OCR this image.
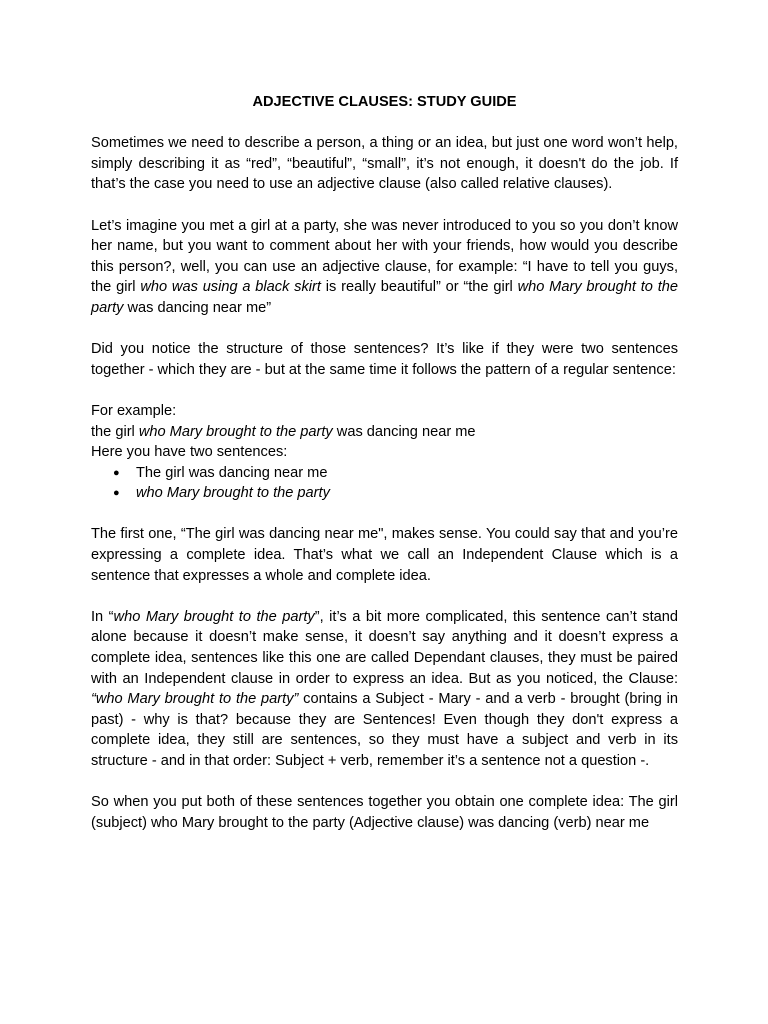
ADJECTIVE CLAUSES: STUDY GUIDE

Sometimes we need to describe a person, a thing or an idea, but just one word won’t help, simply describing it as “red”, “beautiful”, “small”, it’s not enough, it doesn't do the job. If that’s the case you need to use an adjective clause (also called relative clauses).

Let’s imagine you met a girl at a party, she was never introduced to you so you don’t know her name, but you want to comment about her with your friends, how would you describe this person?, well, you can use an adjective clause, for example: “I have to tell you guys, the girl who was using a black skirt is really beautiful” or “the girl who Mary brought to the party was dancing near me”

Did you notice the structure of those sentences? It’s like if they were two sentences together - which they are - but at the same time it follows the pattern of a regular sentence:

For example:
the girl who Mary brought to the party was dancing near me
Here you have two sentences:
● The girl was dancing near me
● who Mary brought to the party

The first one, “The girl was dancing near me", makes sense. You could say that and you’re expressing a complete idea. That’s what we call an Independent Clause which is a sentence that expresses a whole and complete idea.

In “who Mary brought to the party”, it’s a bit more complicated, this sentence can’t stand alone because it doesn’t make sense, it doesn’t say anything and it doesn’t express a complete idea, sentences like this one are called Dependant clauses, they must be paired with an Independent clause in order to express an idea. But as you noticed, the Clause: “who Mary brought to the party” contains a Subject - Mary - and a verb - brought (bring in past) - why is that? because they are Sentences! Even though they don't express a complete idea, they still are sentences, so they must have a subject and verb in its structure - and in that order: Subject + verb, remember it’s a sentence not a question -.

So when you put both of these sentences together you obtain one complete idea: The girl (subject) who Mary brought to the party (Adjective clause) was dancing (verb) near me
